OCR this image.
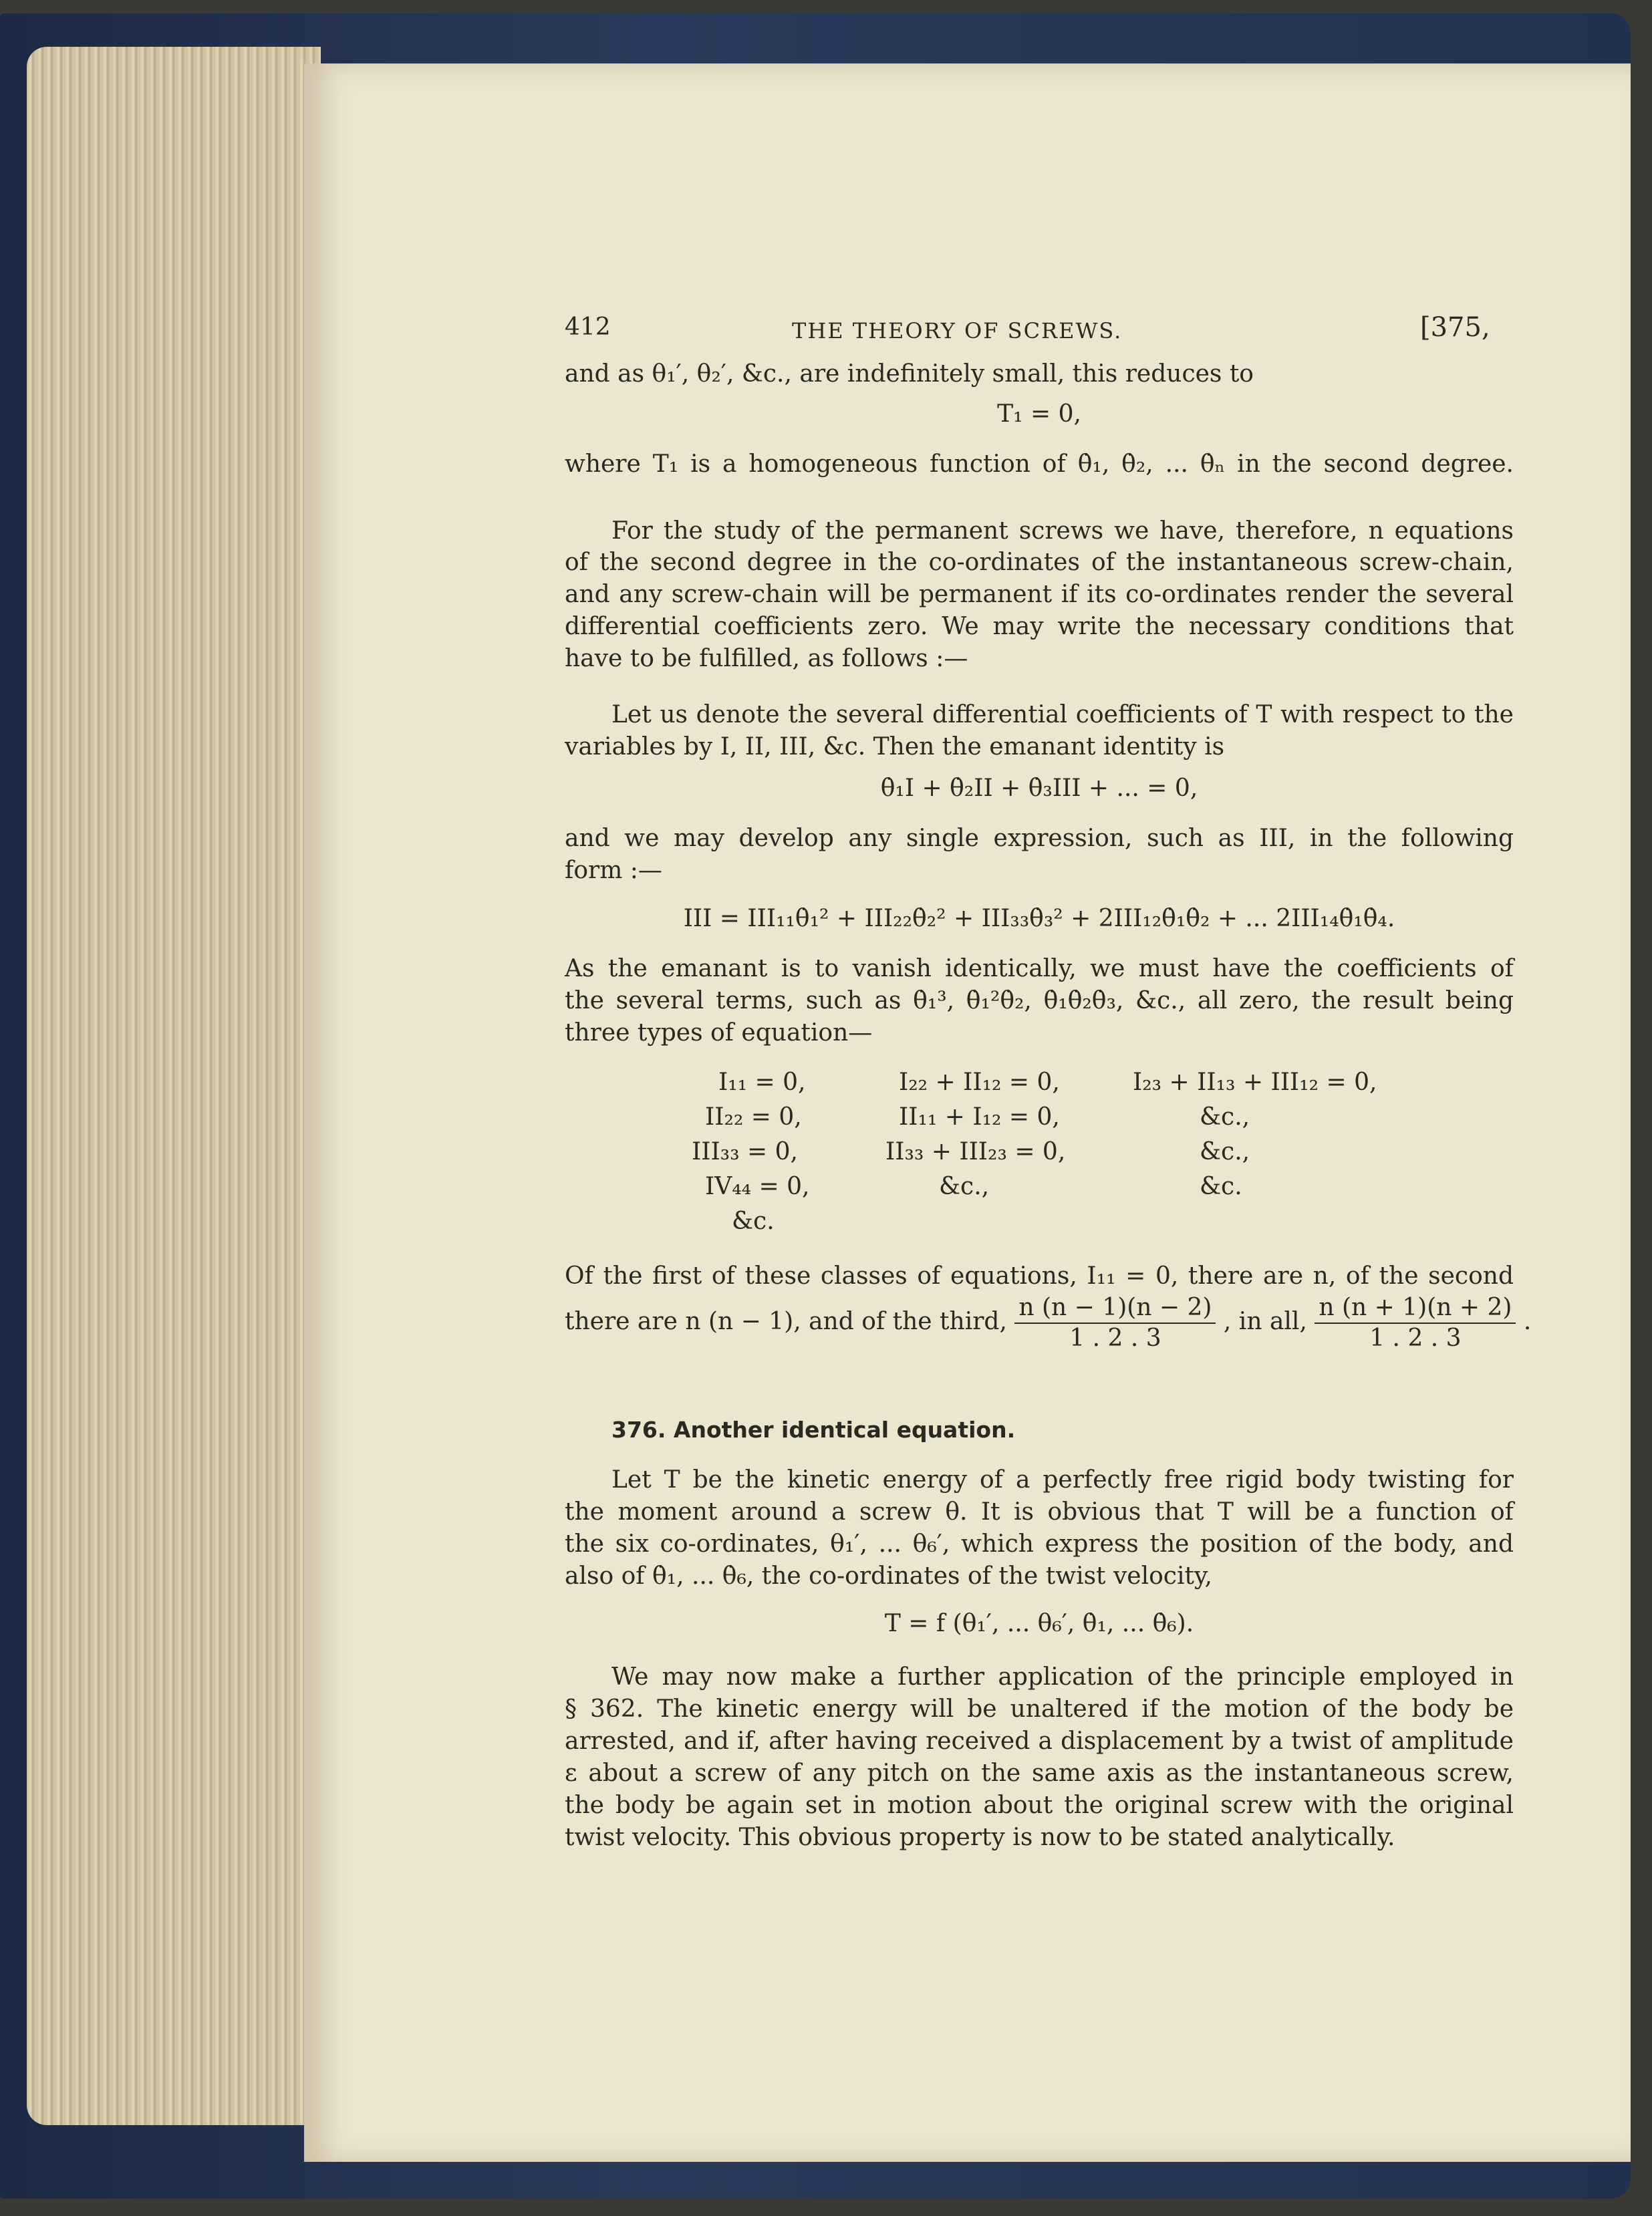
412	THE THEORY OF SCREWS.	[375,
and as θ₁′, θ₂′, &c., are indefinitely small, this reduces to
T₁ = 0,
where T₁ is a homogeneous function of θ̇₁, θ̇₂, ... θ̇ₙ in the second degree.
For the study of the permanent screws we have, therefore, n equations
of the second degree in the co-ordinates of the instantaneous screw-chain,
and any screw-chain will be permanent if its co-ordinates render the several
differential coefficients zero. We may write the necessary conditions that
have to be fulfilled, as follows :—
Let us denote the several differential coefficients of T with respect to the
variables by I, II, III, &c. Then the emanant identity is
θ̇₁I + θ̇₂II + θ̇₃III + ... = 0,
and we may develop any single expression, such as III, in the following
form :—
III = III₁₁θ̇₁² + III₂₂θ̇₂² + III₃₃θ̇₃² + 2III₁₂θ̇₁θ̇₂ + ... 2III₁₄θ̇₁θ̇₄.
As the emanant is to vanish identically, we must have the coefficients of
the several terms, such as θ̇₁³, θ̇₁²θ̇₂, θ̇₁θ̇₂θ̇₃, &c., all zero, the result being
three types of equation—
I₁₁ = 0,
II₂₂ = 0,
III₃₃ = 0,
IV₄₄ = 0,
&c.
I₂₂ + II₁₂ = 0,
II₁₁ + I₁₂ = 0,
II₃₃ + III₂₃ = 0,
&c.,
I₂₃ + II₁₃ + III₁₂ = 0,
&c.,
&c.,
&c.
Of the first of these classes of equations, I₁₁ = 0, there are n, of the second
there are n (n − 1), and of the third, $\frac{n (n - 1)(n - 2)}{1 . 2 . 3}$ , in all, $\frac{n (n + 1)(n + 2)}{1 . 2 . 3}$ .
376. Another identical equation.
Let T be the kinetic energy of a perfectly free rigid body twisting for
the moment around a screw θ. It is obvious that T will be a function of
the six co-ordinates, θ₁′, ... θ₆′, which express the position of the body, and
also of θ̇₁, ... θ̇₆, the co-ordinates of the twist velocity,
T = f (θ₁′, ... θ₆′, θ̇₁, ... θ̇₆).
We may now make a further application of the principle employed in
§ 362. The kinetic energy will be unaltered if the motion of the body be
arrested, and if, after having received a displacement by a twist of amplitude
ε about a screw of any pitch on the same axis as the instantaneous screw,
the body be again set in motion about the original screw with the original
twist velocity. This obvious property is now to be stated analytically.
